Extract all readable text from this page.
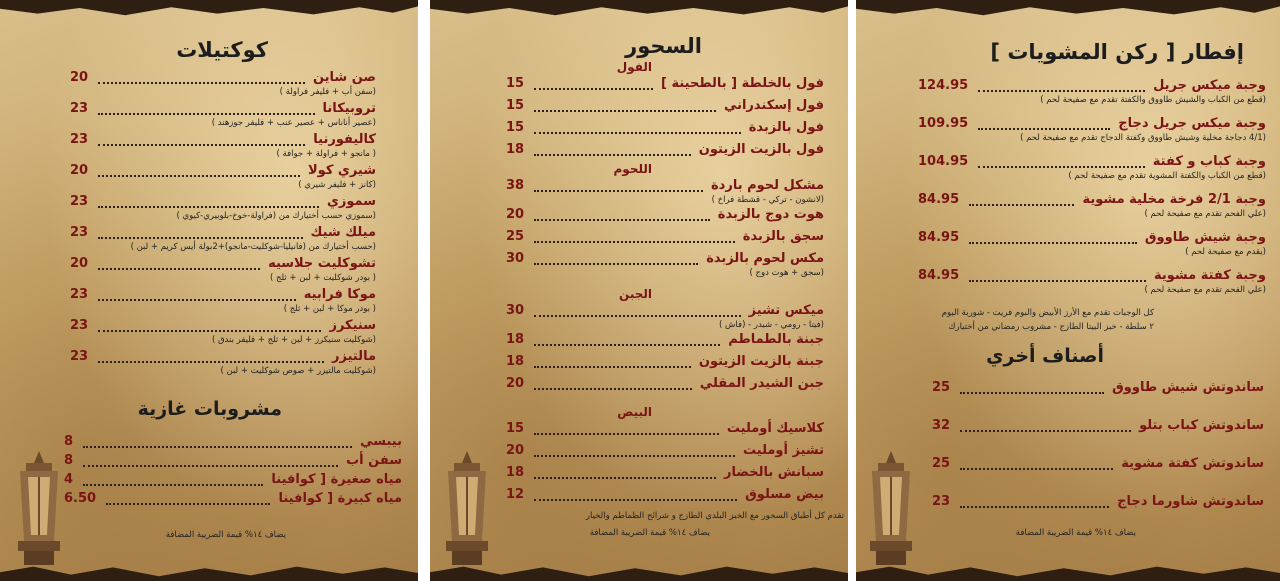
كوكتيلات
20	صن شاين
(سفن أب + فليفر فراولة )
23	تروبيكانا
(عصير أناناس + عصير عنب + فليفر جوزهند )
23	كاليفورنيا
( مانجو + فراولة + جوافة )
20	شيري كولا
(كانز + فليفر شيري )
23	سموزي
(سموزي حسب أختيارك من (فراولة-خوخ-بلوبيري-كيوي )
23	ميلك شيك
(حسب أختيارك من (فانيليا-شوكليت-مانجو)+2بولة أيس كريم + لبن )
20	تشوكليت جلاسيه
( بودر شوكليت + لبن + ثلج )
23	موكا فرابيه
( بودر موكا + لبن + ثلج )
23	سنيكرز
(شوكليت سنيكرز + لبن + ثلج + فليفر بندق )
23	مالتيزر
(شوكليت مالتيزر + صوص شوكليت + لبن )
مشروبات غازية
8	بيبسي
8	سفن أب
4	مياه صغيرة [ كوافينا
6.50	مياه كبيرة [ كوافينا
يضاف ١٤% قيمة الضريبة المضافة
السحور
الفول
15	فول بالخلطة [ بالطحينة ]
15	فول إسكندراني
15	فول بالزبدة
18	فول بالزيت الزيتون
اللحوم
38	مشكل لحوم باردة
(لانشون - تركي - قشطة فراخ )
20	هوت دوج بالزبدة
25	سجق بالزبدة
30	مكس لحوم بالزبدة
(سجق + هوت دوج )
الجبن
30	ميكس تشيز
(فيتا - رومي - شيدر - (فاش )
18	جبنة بالطماطم
18	جبنة بالزيت الزيتون
20	جبن الشيدر المقلي
البيض
15	كلاسيك أومليت
20	تشيز أومليت
18	سبانش بالخضار
12	بيض مسلوق
تقدم كل أطباق السحور مع الخبز البلدي الطازج و شرائح الطماطم والخيار
يضاف ١٤% قيمة الضريبة المضافة
إفطار [ ركن المشويات ]
124.95	وجبة ميكس جريل
(قطع من الكباب والشيش طاووق والكفتة تقدم مع صفيحة لحم )
109.95	وجبة ميكس جريل دجاج
(4/1 دجاجة مخلية وشيش طاووق وكفتة الدجاج تقدم مع صفيحة لحم )
104.95	وجبة كباب و كفتة
(قطع من الكباب والكفتة المشوية تقدم مع صفيحة لحم )
84.95	وجبة 2/1 فرخة مخلية مشوية
(علي الفحم تقدم مع صفيحة لحم )
84.95	وجبة شيش طاووق
(يقدم مع صفيحة لحم )
84.95	وجبة كفتة مشوية
(علي الفحم تقدم مع صفيحة لحم )
كل الوجبات تقدم مع الأرز الأبيض والبوم فريت - شوربة اليوم
٢ سلطة - خبز البيتا الطازج - مشروب رمضاني من أختيارك
أصناف أخري
25	ساندوتش شيش طاووق
32	ساندوتش كباب بتلو
25	ساندوتش كفتة مشوية
23	ساندوتش شاورما دجاج
يضاف ١٤% قيمة الضريبة المضافة
